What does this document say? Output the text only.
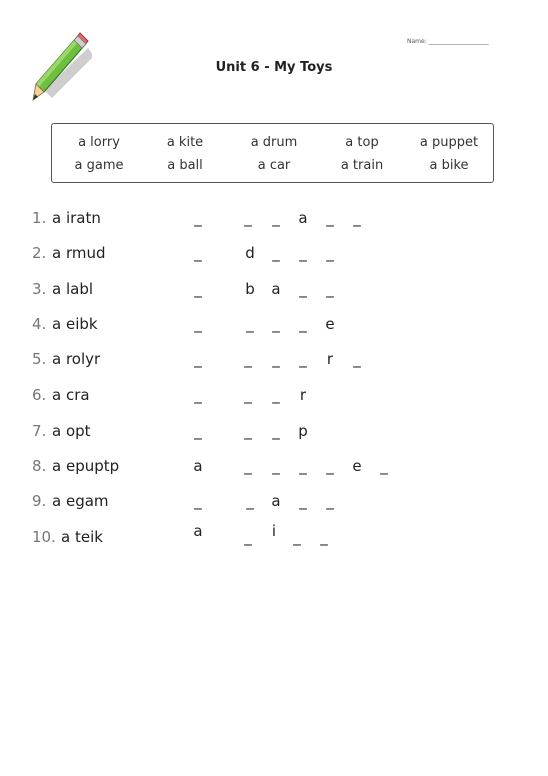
Name: ____________________
Unit 6 - My Toys
a lorry	a kite	a drum	a top	a puppet
a game	a ball	a car	a train	a bike
1. a iratn	_	_ _ a _ _
2. a rmud	_	d _ _ _
3. a labl	_	b a _ _
4. a eibk	_	_ _ _ e
5. a rolyr	_	_ _ _ r _
6. a cra	_	_ _ r
7. a opt	_	_ _ p
8. a epuptp	a	_ _ _ _ e _
9. a egam	_	_ a _ _
10. a teik	a	_ i _ _
